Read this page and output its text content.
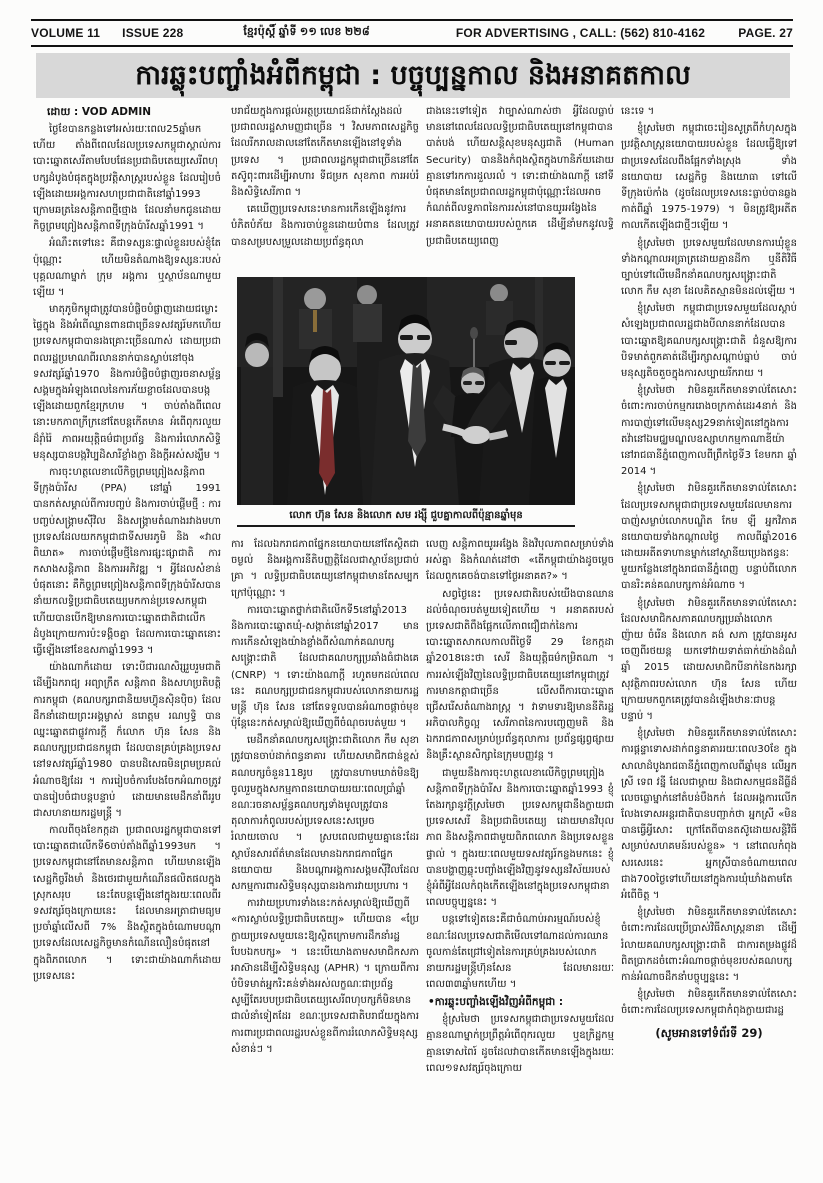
VOLUME 11 ISSUE 228	ខ្មែរប៉ុស្តិ៍ ឆ្នាំទី ១១ លេខ ២២៨	FOR ADVERTISING , CALL: (562) 810-4162	PAGE. 27
ការឆ្លុះបញ្ចាំងអំពីកម្ពុជា : បច្ចុប្បន្នកាល និងអនាគតកាល

ដោយ : VOD ADMIN

ថ្ងៃខែបានកន្លងទៅអស់រយៈពេល25ឆ្នាំមកហើយ តាំងពីពេលដែលប្រទេសកម្ពុជាស្គាល់ការបោះឆ្នោតសេរីតាមបែបផែនប្រជាធិបតេយ្យសេរីពហុបក្សដំបូងបំផុតក្នុងប្រវត្តិសាស្ត្ររបស់ខ្លួន ដែលរៀបចំឡើងដោយអង្គការសហប្រជាជាតិនៅឆ្នាំ1993 ក្រោមឆត្រនៃសន្តិភាពថ្មីថ្មោង ដែលនាំមកជូនដោយកិច្ចព្រមព្រៀងសន្តិភាពទីក្រុងប៉ារីសឆ្នាំ1991 ។

អំណឹះតទៅនេះ គឺជាទស្សនៈផ្ទាល់ខ្លួនរបស់ខ្ញុំតែប៉ុណ្ណោះ ហើយមិនតំណាងឱ្យទស្សនៈរបស់បុគ្គលណាម្នាក់ ក្រុម អង្គការ ឬស្ថាប័នណាមួយឡើយ ។

មាតុភូមិកម្ពុជាត្រូវបានបំផ្លិចបំផ្លាញដោយជម្លោះផ្ទៃក្នុង និងអំពើឈ្លានពានជាច្រើនទសវត្សរ៍មកហើយ ប្រទេសកម្ពុជាបានរងគ្រោះច្រើនណាស់ ដោយប្រជាពលរដ្ឋប្រមាណពីរលាននាក់បានស្លាប់នៅចុងទសវត្សរ៍ឆ្នាំ1970 និងការបំផ្លិចបំផ្លាញរចនាសម្ព័ន្ធសង្គមក្នុងអំឡុងពេលនៃការភ័យខ្លាចដែលបានបង្កឡើងដោយពួកខ្មែរក្រហម ។ ចាប់តាំងពីពេលនោះមកភាពក្រីក្រនៅតែបន្តកើតមាន អំពើពុករលួយដ៏រ៉ាំរ៉ៃ ភាពអយុត្តិធម៌ជាប្រព័ន្ធ និងការរំលោភសិទ្ធិមនុស្សបានបង្កវិប្បដិសារីខ្លាំងក្លា និងក្តីអស់សង្ឃឹម ។

ការចុះហត្ថលេខាលើកិច្ចព្រមព្រៀងសន្តិភាពទីក្រុងប៉ារីស (PPA) នៅឆ្នាំ 1991 បានកត់សម្គាល់ពីការបញ្ចប់ និងការចាប់ផ្តើមថ្មី : ការបញ្ចប់សង្គ្រាមស៊ីវិល និងសង្គ្រាមតំណាងរវាងមហាប្រទេសដែលយកកម្ពុជាជាទីសមរភូមិ និង «វាលពិឃាត» ការចាប់ផ្តើមថ្មីនៃការផ្សះផ្សាជាតិ ការកសាងសន្តិភាព និងការអភិវឌ្ឍ ។ អ្វីដែលសំខាន់បំផុតនោះ គឺកិច្ចព្រមព្រៀងសន្តិភាពទីក្រុងប៉ារីសបាននាំយកលទ្ធិប្រជាធិបតេយ្យមកកាន់ប្រទេសកម្ពុជា ហើយបានបើកឱ្យមានការបោះឆ្នោតជាតិជាលើកដំបូងក្រោយការប៉ះទង្គិចគ្នា ដែលការបោះឆ្នោតនោះធ្វើឡើងនៅខែឧសភាឆ្នាំ1993 ។

យ៉ាងណាក៏ដោយ ទោះបីជារណសិរ្សរួបរួមជាតិដើម្បីឯករាជ្យ អព្យាក្រឹត សន្តិភាព និងសហប្រតិបត្តិការកម្ពុជា (គណបក្សរាជានិយមហ៊្វុនស៊ិនប៉ិច) ដែលដឹកនាំដោយព្រះអង្គម្ចាស់ នរោត្តម រណឫទ្ធិ បានឈ្នះឆ្នោតជាផ្លូវការក្តី ក៏លោក ហ៊ុន សែន និងគណបក្សប្រជាជនកម្ពុជា ដែលបានគ្រប់គ្រងប្រទេសនៅទសវត្សរ៍ឆ្នាំ1980 បានបដិសេធមិនព្រមប្រគល់អំណាចឱ្យដែរ ។ ការរៀបចំការបែងចែកអំណាចត្រូវបានរៀបចំជាបន្តបន្ទាប់ ដោយមានមេដឹកនាំពីររូបជាសហនាយករដ្ឋមន្ត្រី ។

កាលពីចុងខែកក្កដា ប្រជាពលរដ្ឋកម្ពុជាបានទៅបោះឆ្នោតជាលើកទី6ចាប់តាំងពីឆ្នាំ1993មក ។ ប្រទេសកម្ពុជានៅតែមានសន្តិភាព ហើយមានឡើងសេដ្ឋកិច្ចរឹងមាំ និងថេរជាមួយកំណើនផលិតផលក្នុងស្រុកសរុប នេះតែបន្តឡើងនៅក្នុងរយៈពេលពីរទសវត្សរ៍ចុងក្រោយនេះ ដែលមានអត្រាជាមធ្យមប្រចាំឆ្នាំលើសពី 7% និងស្ថិតក្នុងចំណោមបណ្តាប្រទេសដែលសេដ្ឋកិច្ចមានកំណើនលឿនបំផុតនៅក្នុងពិភពលោក ។ ទោះជាយ៉ាងណាក៏ដោយ ប្រទេសនេះ

បរាជ័យក្នុងការផ្តល់អត្ថប្រយោជន៍ជាក់ស្តែងដល់ប្រជាពលរដ្ឋសាមញ្ញជាច្រើន ។ វិសមភាពសេដ្ឋកិច្ចដែលរីករាលដាលនៅតែកើតមានឡើងនៅទូទាំងប្រទេស ។ ប្រជាពលរដ្ឋកម្ពុជាជាច្រើននៅតែតស៊ូពុះពារដើម្បីអាហារ ទីជម្រក សុខភាព ការអប់រំ និងសិទ្ធិសេរីភាព ។

គេឃើញប្រទេសនេះមានការកើនឡើងនូវការបំភិតបំភ័យ និងការចាប់ខ្លួនដោយបំពាន ដែលត្រូវបានសម្របសម្រួលដោយប្រព័ន្ធតុលា

ការ ដែលឯករាជភាពផ្នែកនយោបាយនៅតែស្ថិតជាចម្ងល់ និងអង្គការនីតិបញ្ញត្តិដែលជាស្ថាប័នប្រជាប់គ្រា ។ លទ្ធិប្រជាធិបតេយ្យនៅកម្ពុជាមានតែសម្បកក្រៅប៉ុណ្ណោះ ។

ការបោះឆ្នោតថ្នាក់ជាតិលើកទី5នៅឆ្នាំ2013 និងការបោះឆ្នោតឃុំ-សង្កាត់នៅឆ្នាំ2017 មានការកើនសំឡេងយ៉ាងខ្លាំងពីសំណាក់គណបក្សសង្គ្រោះជាតិ ដែលជាគណបក្សប្រឆាំងធំជាងគេ (CNRP) ។ ទោះយ៉ាងណាក្តី រហូតមកដល់ពេលនេះ គណបក្សប្រជាជនកម្ពុជារបស់លោកនាយករដ្ឋមន្ត្រី ហ៊ុន សែន នៅតែទទួលបានអំណាចផ្តាច់មុខ ប៉ុន្តែនេះកត់សម្គាល់ឱ្យឃើញពីចំណុចរបត់មួយ ។

មេដឹកនាំគណបក្សសង្គ្រោះជាតិលោក កឹម សុខា ត្រូវបានចាប់ដាក់ពន្ធនាគារ ហើយសមាជិកជាន់ខ្ពស់គណបក្សចំនួន118រូប ត្រូវបានហាមឃាត់មិនឱ្យចូលរួមក្នុងសកម្មភាពនយោបាយរយៈពេលប្រាំឆ្នាំ ខណៈរចនាសម្ព័ន្ធគណបក្សទាំងមូលត្រូវបានតុលាការកំពូលរបស់ប្រទេសនេះសម្រេចរំលាយចោល ។ ស្របពេលជាមួយគ្នានេះដែរ ស្ថាប័នសារព័ត៌មានដែលមានឯករាជភាពផ្នែកនយោបាយ និងបណ្តាអង្គការសង្គមស៊ីវិលដែលសកម្មការពារសិទ្ធិមនុស្សបានរងការវាយប្រហារ ។

ការវាយប្រហារទាំងនេះកត់សម្គាល់ឱ្យឃើញពី «ការស្លាប់លទ្ធិប្រជាធិបតេយ្យ» ហើយបាន «ប្រែក្លាយប្រទេសមួយនេះឱ្យស្ថិតក្រោមការដឹកនាំរដ្ឋបែបឯកបក្ស» ។ នេះបើយោងតាមសមាជិកសភាអាស៊ានដើម្បីសិទ្ធិមនុស្ស (APHR) ។ ក្រោយពីការបំបិទមាត់អ្នករិះគន់ទាំងអស់លក្ខណៈជាប្រព័ន្ធ សូម្បីតែរបបប្រជាធិបតេយ្យសេរីពហុបក្សក៏មិនមានជាលំនាំទៀតដែរ ខណៈប្រទេសជាតិបរាជ័យក្នុងការការពារប្រជាពលរដ្ឋរបស់ខ្លួនពីការរំលោភសិទ្ធិមនុស្សសំខាន់ៗ ។

ជាងនេះទៅទៀត វាច្បាស់ណាស់ថា អ្វីដែលធ្លាប់មាននៅពេលដែលលទ្ធិប្រជាធិបតេយ្យនៅកម្ពុជាបានបាត់បង់ ហើយសន្តិសុខមនុស្សជាតិ (Human Security) បាននិងកំពុងស្ថិតក្នុងហានិភ័យដោយគ្មានទៅរកការដួលរលំ ។ ទោះជាយ៉ាងណាក្តី នៅទីបំផុតមានតែប្រជាពលរដ្ឋកម្ពុជាប៉ុណ្ណោះដែលអាចកំណត់ពីលទ្ធភាពនៃការរស់នៅបានយូរអង្វែងនៃអនាគតនយោបាយរបស់ពួកគេ ដើម្បីនាំមកនូវលទ្ធិប្រជាធិបតេយ្យពេញ

លេញ សន្តិភាពយូរអង្វែង និងវិបុលភាពសម្រាប់ទាំងអស់គ្នា និងកំណត់ដៅថា «តើកម្ពុជាយ៉ាងដូចម្តេចដែលពួកគេចង់បានទៅថ្ងៃអនាគត?» ។

សព្វថ្ងៃនេះ ប្រទេសជាតិរបស់យើងបានឈានដល់ចំណុចរបត់មួយទៀតហើយ ។ អនាគតរបស់ប្រទេសជាតិពឹងផ្អែកលើភាពជឿជាក់នៃការបោះឆ្នោតសាកលកាលពីថ្ងៃទី 29 ខែកក្កដា ឆ្នាំ2018នេះថា សេរី និងយុត្តិធម៌កម្រិតណា ។ ការរស់ឡើងវិញនៃលទ្ធិប្រជាធិបតេយ្យនៅកម្ពុជាត្រូវការមានកត្តាជាច្រើន លើសពីការបោះឆ្នោតជ្រើសរើសតំណាងរាស្ត្រ ។ វាទាមទារឱ្យមាននីតិរដ្ឋ អភិបាលកិច្ចល្អ សេរីភាពនៃការបញ្ចេញមតិ និងឯករាជភាពសម្រាប់ប្រព័ន្ធតុលាការ ប្រព័ន្ធផ្សព្វផ្សាយ និងគ្រឹះស្ថានសិក្សានៃក្រុមបញ្ញវន្ត ។

ជាមួយនឹងការចុះហត្ថលេខាលើកិច្ចព្រមព្រៀងសន្តិភាពទីក្រុងប៉ារីស និងការបោះឆ្នោតឆ្នាំ1993 ខ្ញុំតែងរក្សានូវក្តីស្រមៃថា ប្រទេសកម្ពុជានឹងក្លាយជាប្រទេសសេរី និងប្រជាធិបតេយ្យ ដោយមានវិបុលភាព និងសន្តិភាពជាមួយពិភពលោក និងប្រទេសខ្លួនផ្ទាល់ ។ ក្នុងរយៈពេលមួយទសវត្សរ៍កន្លងមកនេះ ខ្ញុំបានបង្ហាញឆ្លុះបញ្ចាំងឡើងវិញនូវទស្សនវិស័យរបស់ខ្ញុំអំពីអ្វីដែលកំពុងកើតឡើងនៅក្នុងប្រទេសកម្ពុជានាពេលបច្ចុប្បន្ននេះ ។

បន្តទៅទៀតនេះគឺជាចំណាប់អារម្មណ៍របស់ខ្ញុំ ខណៈដែលប្រទេសជាតិមើលទៅណាដល់ការឈានចូលកាន់តែជ្រៅទៀតនៃការគ្រប់គ្រងរបស់លោកនាយករដ្ឋមន្ត្រីហ៊ុនសែន ដែលមានរយៈពេល៣៣ឆ្នាំមកហើយ ។

•ការឆ្លុះបញ្ចាំងឡើងវិញអំពីកម្ពុជា :

ខ្ញុំស្រមៃថា ប្រទេសកម្ពុជាជាប្រទេសមួយដែលគ្មានខណាម្នាក់ប្រព្រឹត្តអំពើពុករលួយ ឬឧក្រិដ្ឋកម្មគ្មានទោសពៃរ៍ ដូចដែលវាបានកើតមានឡើងក្នុងរយៈពេល១ទសវត្សរ៍ចុងក្រោយ

នេះទេ ។

ខ្ញុំស្រមៃថា កម្ពុជាចេះរៀនសូត្រពីកំហុសក្នុងប្រវត្តិសាស្ត្រនយោបាយរបស់ខ្លួន ដែលធ្វើឱ្យទៅជាប្រទេសដែលពឹងផ្អែកទាំងស្រុង ទាំងនយោបាយ សេដ្ឋកិច្ច និងយោធា ទៅលើទីក្រុងប៉េកាំង (ដូចដែលប្រទេសនេះធ្លាប់បានឆ្លងកាត់ពីឆ្នាំ 1975-1979) ។ មិនត្រូវឱ្យអតីតកាលកើតឡើងជាថ្មីៗឡើយ ។

ខ្ញុំស្រមៃថា ប្រទេសមួយដែលមានការឃុំខ្លួនទាំងកណ្តាលអធ្រាត្រដោយគ្មានដីកា ឬនីតិវិធីច្បាប់ទៅលើមេដឹកនាំគណបក្សសង្គ្រោះជាតិលោក កឹម សុខា ដែលគិតស្មានមិនដល់ឡើយ ។

ខ្ញុំស្រមៃថា កម្ពុជាជាប្រទេសមួយដែលស្តាប់សំឡេងប្រជាពលរដ្ឋជាងបីលាននាក់ដែលបានបោះឆ្នោតឱ្យគណបក្សសង្គ្រោះជាតិ ជំនួសឱ្យការបិទមាត់ពួកគាត់ដើម្បីរក្សាសណ្តាប់ធ្នាប់ ចាប់មនុស្សតិចតួចក្នុងការសប្បាយរីករាយ ។

ខ្ញុំស្រមៃថា វាមិនគួរកើតមានទាល់តែសោះ ចំពោះការចាប់កម្មកររោងចក្រកាត់ដេរ4នាក់ និងការបាញ់ទៅលើមនុស្ស29នាក់ទៀតនៅក្នុងការតវ៉ានៅឯមជ្ឈមណ្ឌលឧស្សាហកម្មកាណាឌីយ៉ានៅរាជធានីភ្នំពេញកាលពីព្រឹកថ្ងៃទី3 ខែមករា ឆ្នាំ 2014 ។

ខ្ញុំស្រមៃថា វាមិនគួរកើតមានទាល់តែសោះ ដែលប្រទេសកម្ពុជាជាប្រទេសមួយដែលមានការបាញ់សម្លាប់លោកបណ្ឌិត កែម ឡី អ្នកវិភាគនយោបាយទាំងកណ្តាលថ្ងៃ កាលពីឆ្នាំ2016 ដោយអតីតទាហានម្នាក់នៅស្ថានីយប្រេងឥន្ធនៈមួយកន្លែងនៅក្នុងរាជធានីភ្នំពេញ បន្ទាប់ពីលោកបានរិះគន់គណបក្សកាន់អំណាច ។

ខ្ញុំស្រមៃថា វាមិនគួរកើតមានទាល់តែសោះ ដែលសមាជិកសភាគណបក្សប្រឆាំងលោក ញ៉ាយ ចំរើន និងលោក គង់ សភា ត្រូវបានអូសចេញពីរថយន្ត យកទៅវាយទាត់ធាក់យ៉ាងដំណំ ឆ្នាំ 2015 ដោយសមាជិកបីនាក់នៃកងរក្សាសុវត្ថិភាពរបស់លោក ហ៊ុន សែន ហើយក្រោយមកពួកគេត្រូវបានដំឡើងឋានៈជាបន្តបន្ទាប់ ។

ខ្ញុំស្រមៃថា វាមិនគួរកើតមានទាល់តែសោះ ការផ្តន្ទាទោសដាក់ពន្ធនាគាររយៈពេល30ខែ ក្នុងសាលាដំបូងរាជធានីភ្នំពេញកាលពីឆ្នាំមុន លើអ្នកស្រី ទេព វន្នី ដែលជាម្តាយ និងជាសកម្មជនដីធ្លីដ៏លេចធ្លោម្នាក់នៅតំបន់បឹងកក់ ដែលអង្គការលើកលែងទោសអន្តរជាតិបានបញ្ជាក់ថា អ្នកស្រី «មិនបានធ្វើអ្វីសោះ ក្រៅតែពីបានតស៊ូដោយសន្តិវិធីសម្រាប់សហគមន៍របស់ខ្លួន» ។ នៅពេលកំពុងសរសេរនេះ អ្នកស្រីបានចំណាយពេលជាង700ថ្ងៃទៅហើយនៅក្នុងការឃុំឃាំងតាមតែអំពើចិត្ត ។

ខ្ញុំស្រមៃថា វាមិនគួរកើតមានទាល់តែសោះ ចំពោះការដែលប្រើប្រាស់វិធីសាស្ត្រនានា ដើម្បីរំលាយគណបក្សសង្គ្រោះជាតិ ជាការតម្រងផ្លូវដ៏ពិតប្រាកដចំពោះអំណាចផ្តាច់មុខរបស់គណបក្សកាន់អំណាចដឹកនាំបច្ចុប្បន្ននេះ ។

ខ្ញុំស្រមៃថា វាមិនគួរកើតមានទាល់តែសោះ ចំពោះការដែលប្រទេសកម្ពុជាកំពុងក្លាយជារដ្ឋ

(សូមអានទៅទំព័រទី 29)

លោក ហ៊ុន សែន និងលោក សម រង្ស៊ី ជួបគ្នាកាលពីប៉ុន្មានឆ្នាំមុន
